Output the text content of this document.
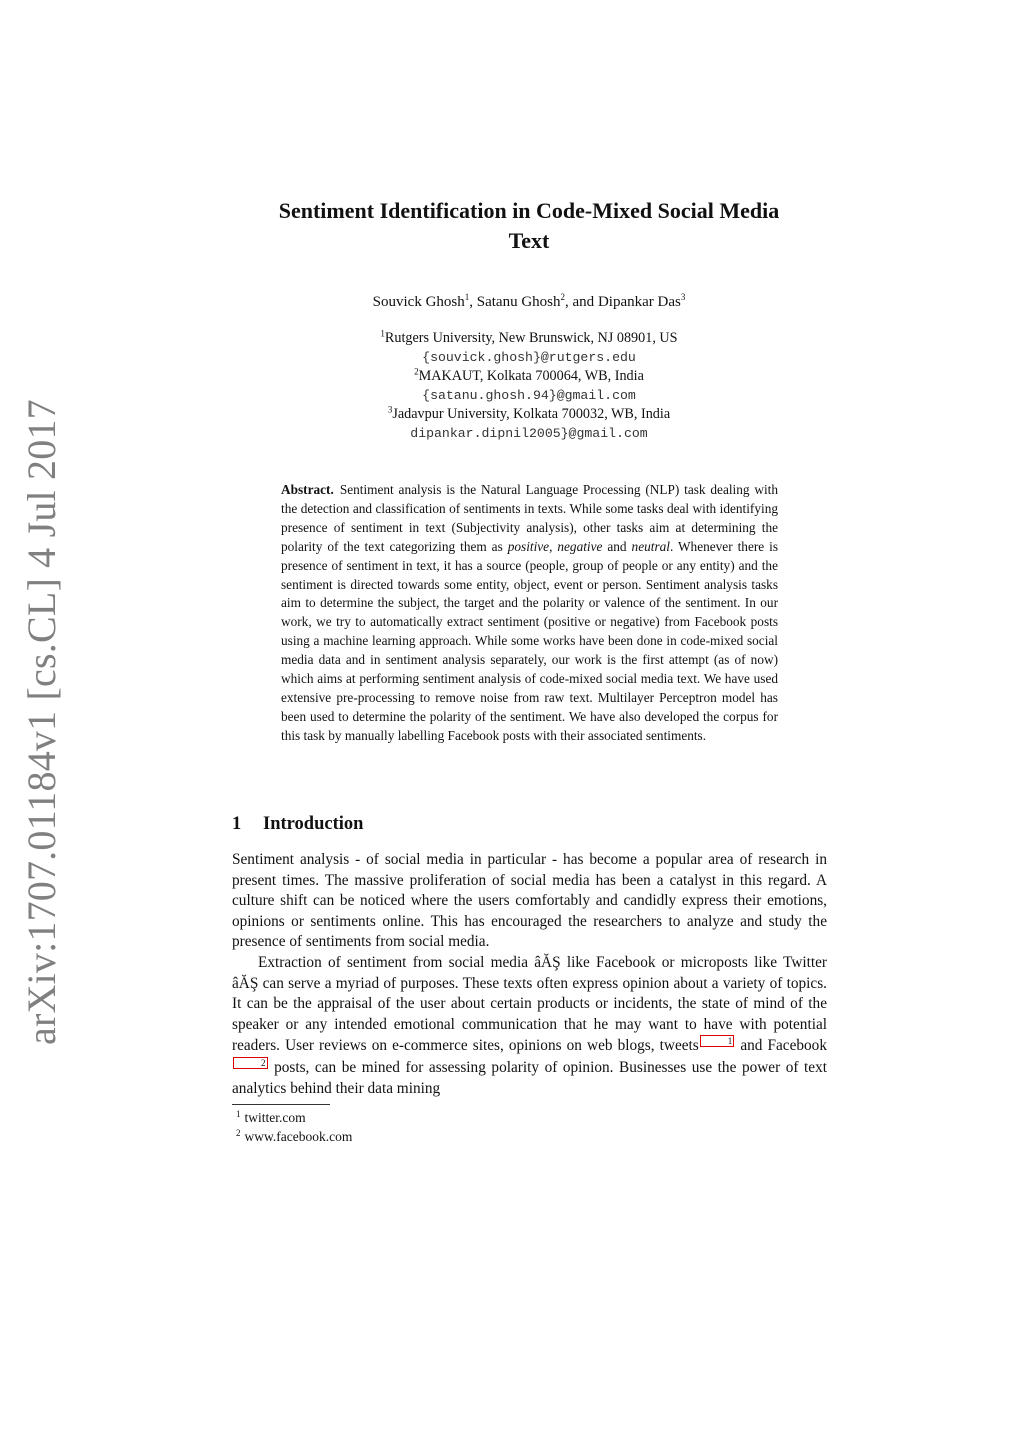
arXiv:1707.01184v1 [cs.CL] 4 Jul 2017
Sentiment Identification in Code-Mixed Social Media
Text
Souvick Ghosh$^1$, Satanu Ghosh$^2$, and Dipankar Das$^3$
$^1$Rutgers University, New Brunswick, NJ 08901, US
{souvick.ghosh}@rutgers.edu
$^2$MAKAUT, Kolkata 700064, WB, India
{satanu.ghosh.94}@gmail.com
$^3$Jadavpur University, Kolkata 700032, WB, India
dipankar.dipnil2005}@gmail.com
Abstract. Sentiment analysis is the Natural Language Processing (NLP) task dealing with the detection and classification of sentiments in texts. While some tasks deal with identifying presence of sentiment in text (Subjectivity analysis), other tasks aim at determining the polarity of the text categorizing them as positive, negative and neutral. Whenever there is presence of sentiment in text, it has a source (people, group of people or any entity) and the sentiment is directed towards some entity, object, event or person. Sentiment analysis tasks aim to determine the subject, the target and the polarity or valence of the sentiment. In our work, we try to automatically extract sentiment (positive or negative) from Facebook posts using a machine learning approach. While some works have been done in code-mixed social media data and in sentiment analysis separately, our work is the first attempt (as of now) which aims at performing sentiment analysis of code-mixed social media text. We have used extensive pre-processing to remove noise from raw text. Multilayer Perceptron model has been used to determine the polarity of the sentiment. We have also developed the corpus for this task by manually labelling Facebook posts with their associated sentiments.
1 Introduction

Sentiment analysis - of social media in particular - has become a popular area of research in present times. The massive proliferation of social media has been a catalyst in this regard. A culture shift can be noticed where the users comfortably and candidly express their emotions, opinions or sentiments online. This has encouraged the researchers to analyze and study the presence of sentiments from social media.

Extraction of sentiment from social media âĂŞ like Facebook or microposts like Twitter âĂŞ can serve a myriad of purposes. These texts often express opinion about a variety of topics. It can be the appraisal of the user about certain products or incidents, the state of mind of the speaker or any intended emotional communication that he may want to have with potential readers. User reviews on e-commerce sites, opinions on web blogs, tweets	1 and Facebook2 posts, can be mined for assessing polarity of opinion. Businesses use the power of text analytics behind their data mining

$^1$ twitter.com
$^2$ www.facebook.com
